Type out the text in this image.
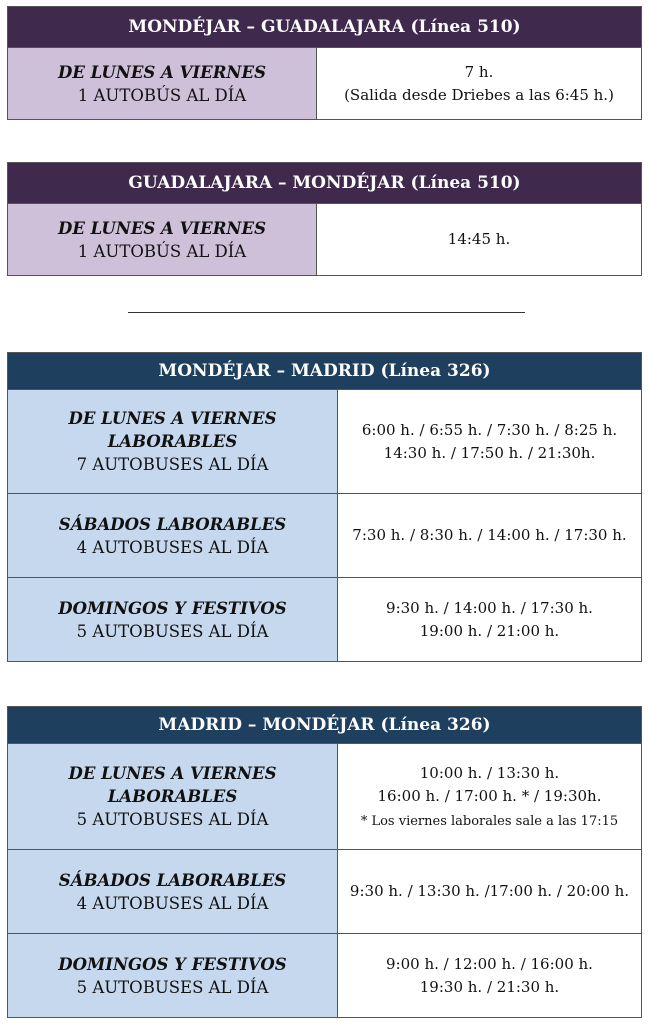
MONDÉJAR – GUADALAJARA (Línea 510)

DE LUNES A VIERNES
1 AUTOBÚS AL DÍA

7 h.
(Salida desde Driebes a las 6:45 h.)
GUADALAJARA – MONDÉJAR (Línea 510)

DE LUNES A VIERNES
1 AUTOBÚS AL DÍA

14:45 h.
MONDÉJAR – MADRID (Línea 326)	

DE LUNES A VIERNES LABORABLES
7 AUTOBUSES AL DÍA	6:00 h. / 6:55 h. / 7:30 h. / 8:25 h.
14:30 h. / 17:50 h. / 21:30h.

SÁBADOS LABORABLES
4 AUTOBUSES AL DÍA	7:30 h. / 8:30 h. / 14:00 h. / 17:30 h.

DOMINGOS Y FESTIVOS
5 AUTOBUSES AL DÍA	9:30 h. / 14:00 h. / 17:30 h.
19:00 h. / 21:00 h.
MADRID – MONDÉJAR (Línea 326)	

DE LUNES A VIERNES LABORABLES
5 AUTOBUSES AL DÍA	10:00 h. / 13:30 h.
16:00 h. / 17:00 h. * / 19:30h.
* Los viernes laborales sale a las 17:15

SÁBADOS LABORABLES
4 AUTOBUSES AL DÍA	9:30 h. / 13:30 h. /17:00 h. / 20:00 h.

DOMINGOS Y FESTIVOS
5 AUTOBUSES AL DÍA	9:00 h. / 12:00 h. / 16:00 h.
19:30 h. / 21:30 h.
